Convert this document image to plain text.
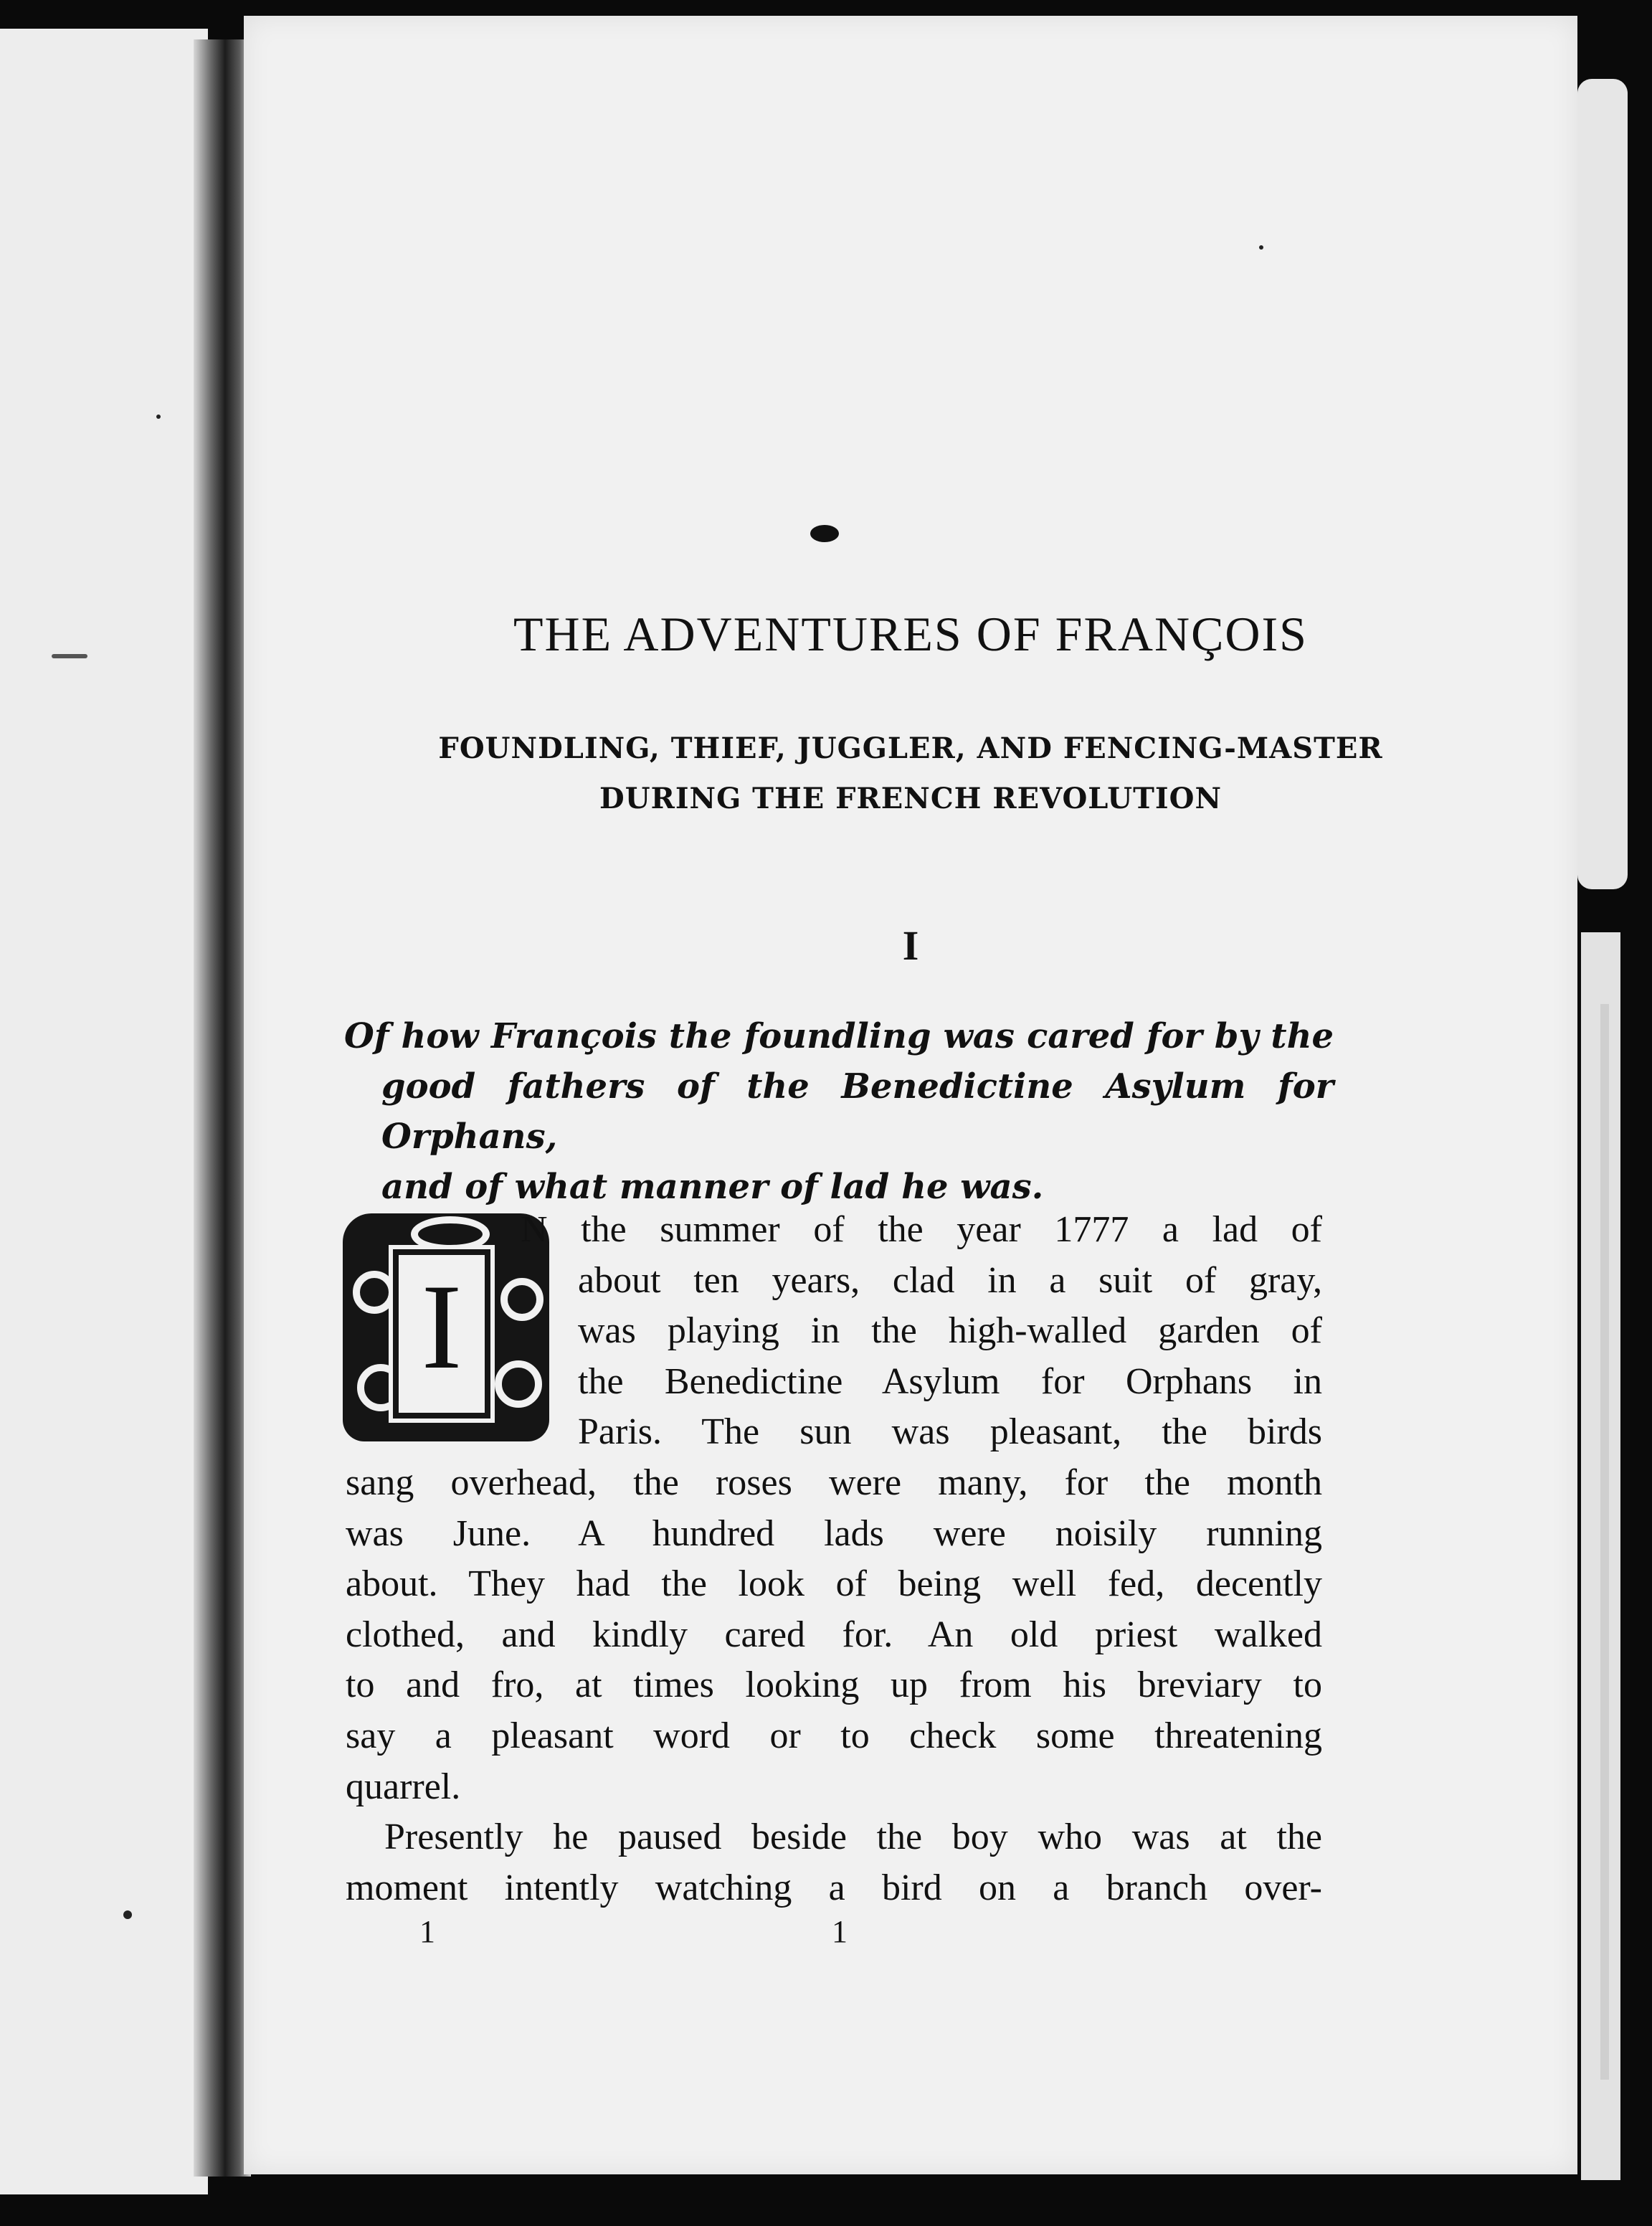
THE ADVENTURES OF FRANÇOIS

FOUNDLING, THIEF, JUGGLER, AND FENCING-MASTER

DURING THE FRENCH REVOLUTION

I

Of how François the foundling was cared for by the
good fathers of the Benedictine Asylum for Orphans,
and of what manner of lad he was.

I

N the summer of the year 1777 a lad of
about ten years, clad in a suit of gray,
was playing in the high-walled garden of
the Benedictine Asylum for Orphans in
Paris. The sun was pleasant, the birds
sang overhead, the roses were many, for the month
was June. A hundred lads were noisily running
about. They had the look of being well fed, decently
clothed, and kindly cared for. An old priest walked
to and fro, at times looking up from his breviary to
say a pleasant word or to check some threatening
quarrel.
Presently he paused beside the boy who was at the
moment intently watching a bird on a branch over-

1	1
